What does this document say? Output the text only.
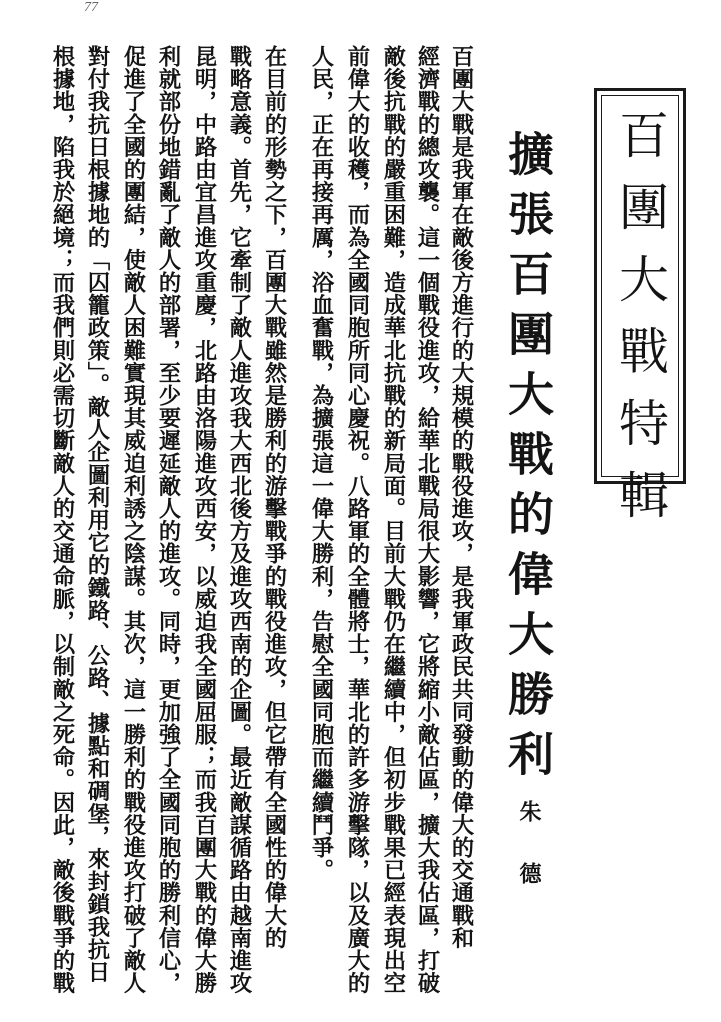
77
百團大戰特輯
擴張百團大戰的偉大勝利
朱德
百團大戰是我軍在敵後方進行的大規模的戰役進攻，是我軍政民共同發動的偉大的交通戰和
經濟戰的總攻襲。這一個戰役進攻，給華北戰局很大影響，它將縮小敵佔區，擴大我佔區，打破
敵後抗戰的嚴重困難，造成華北抗戰的新局面。目前大戰仍在繼續中，但初步戰果已經表現出空
前偉大的收穫，而為全國同胞所同心慶祝。八路軍的全體將士，華北的許多游擊隊，以及廣大的
人民，正在再接再厲，浴血奮戰，為擴張這一偉大勝利，告慰全國同胞而繼續鬥爭。
在目前的形勢之下，百團大戰雖然是勝利的游擊戰爭的戰役進攻，但它帶有全國性的偉大的
戰略意義。首先，它牽制了敵人進攻我大西北後方及進攻西南的企圖。最近敵謀循路由越南進攻
昆明，中路由宜昌進攻重慶，北路由洛陽進攻西安，以威迫我全國屈服；而我百團大戰的偉大勝
利就部份地錯亂了敵人的部署，至少要遲延敵人的進攻。同時，更加強了全國同胞的勝利信心，
促進了全國的團結，使敵人困難實現其威迫利誘之陰謀。其次，這一勝利的戰役進攻打破了敵人
對付我抗日根據地的「囚籠政策」。敵人企圖利用它的鐵路、公路、據點和碉堡，來封鎖我抗日
根據地，陷我於絕境；而我們則必需切斷敵人的交通命脈，以制敵之死命。因此，敵後戰爭的戰
